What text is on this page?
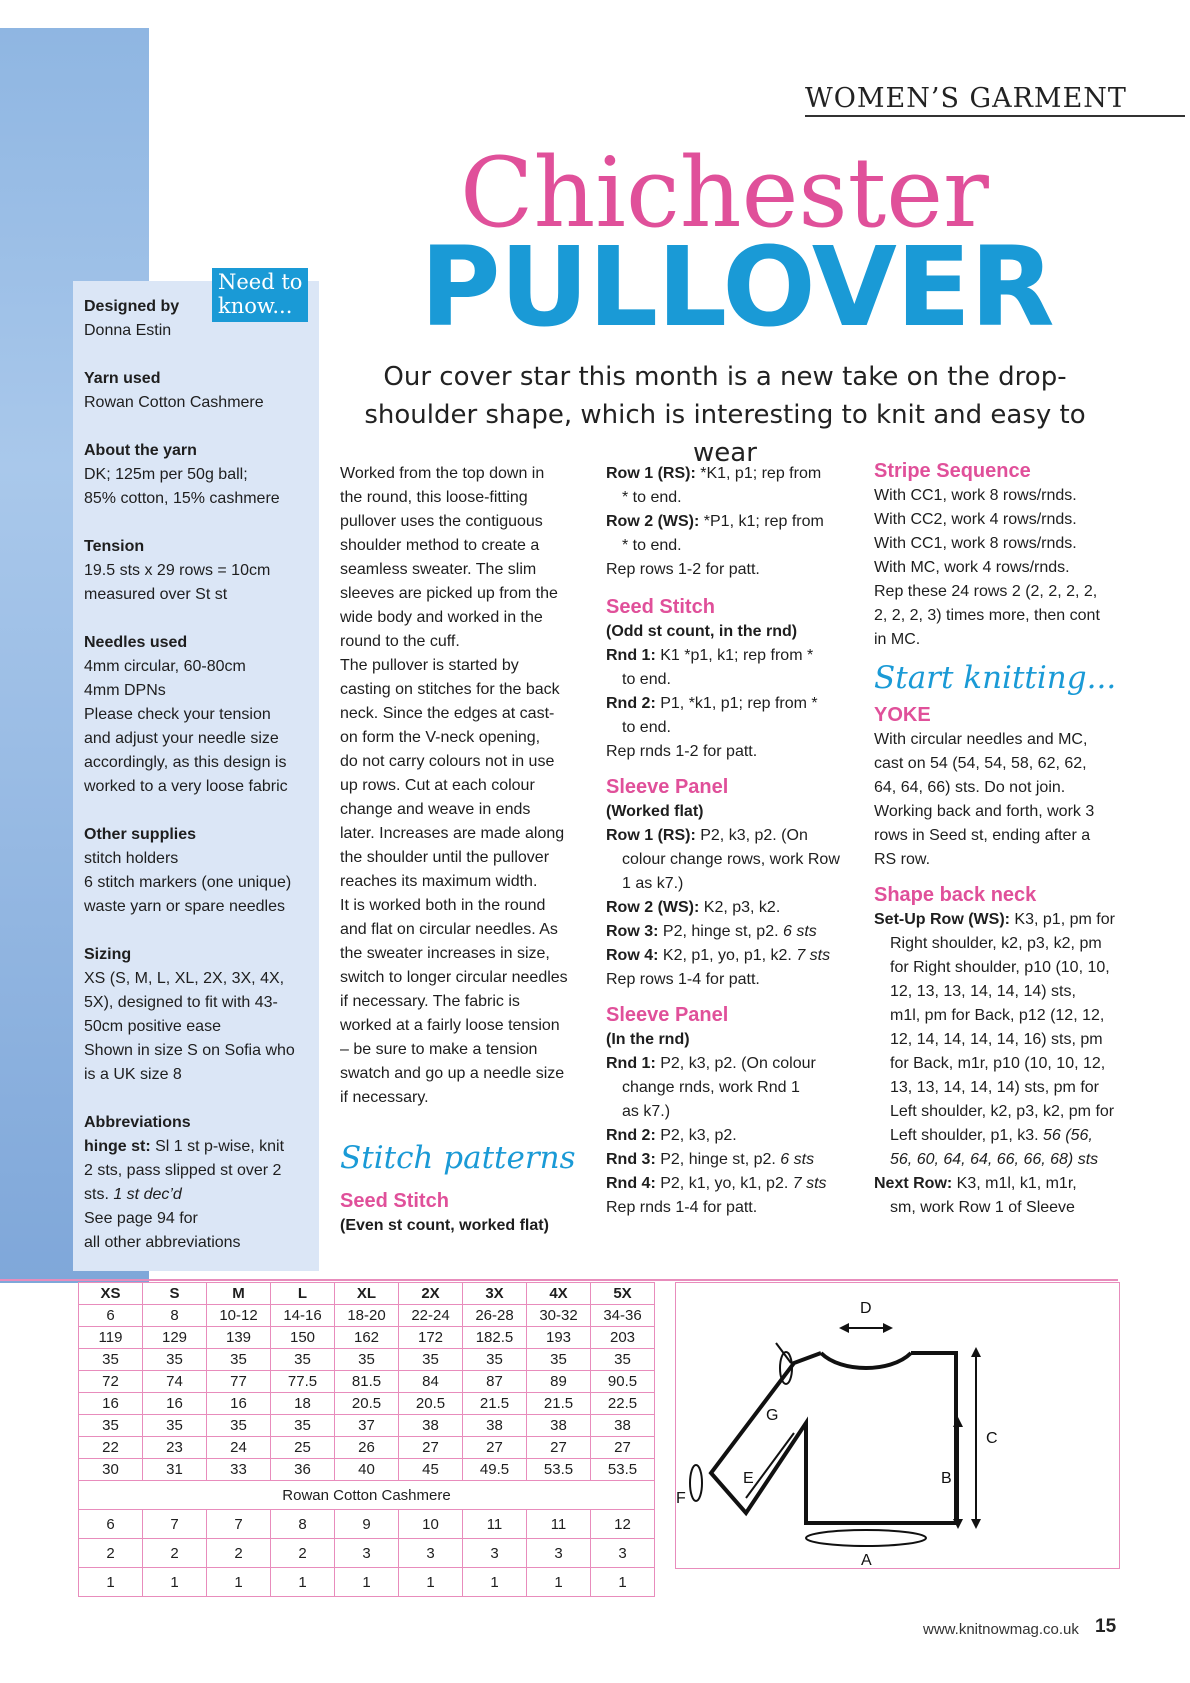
Designed by
Donna Estin
Yarn used
Rowan Cotton Cashmere
About the yarn
DK; 125m per 50g ball;
85% cotton, 15% cashmere
Tension
19.5 sts x 29 rows = 10cm
measured over St st
Needles used
4mm circular, 60-80cm
4mm DPNs
Please check your tension
and adjust your needle size
accordingly, as this design is
worked to a very loose fabric
Other supplies
stitch holders
6 stitch markers (one unique)
waste yarn or spare needles
Sizing
XS (S, M, L, XL, 2X, 3X, 4X,
5X), designed to fit with 43-
50cm positive ease
Shown in size S on Sofia who
is a UK size 8
Abbreviations
hinge st: Sl 1 st p-wise, knit
2 sts, pass slipped st over 2
sts. 1 st dec’d
See page 94 for
all other abbreviations
Need to
know...
WOMEN’S GARMENT
Chichester
PULLOVER
Our cover star this month is a new take on the drop-shoulder shape, which is interesting to knit and easy to wear

Worked from the top down in

the round, this loose-fitting

pullover uses the contiguous

shoulder method to create a

seamless sweater. The slim

sleeves are picked up from the

wide body and worked in the

round to the cuff.

The pullover is started by

casting on stitches for the back

neck. Since the edges at cast-

on form the V-neck opening,

do not carry colours not in use

up rows. Cut at each colour

change and weave in ends

later. Increases are made along

the shoulder until the pullover

reaches its maximum width.

It is worked both in the round

and flat on circular needles. As

the sweater increases in size,

switch to longer circular needles

if necessary. The fabric is

worked at a fairly loose tension

– be sure to make a tension

swatch and go up a needle size

if necessary.

Stitch patterns
Seed Stitch

(Even st count, worked flat)

Row 1 (RS): *K1, p1; rep from

* to end.

Row 2 (WS): *P1, k1; rep from

* to end.

Rep rows 1-2 for patt.

Seed Stitch

(Odd st count, in the rnd)

Rnd 1: K1 *p1, k1; rep from *

to end.

Rnd 2: P1, *k1, p1; rep from *

to end.

Rep rnds 1-2 for patt.

Sleeve Panel

(Worked flat)

Row 1 (RS): P2, k3, p2. (On

colour change rows, work Row

1 as k7.)

Row 2 (WS): K2, p3, k2.

Row 3: P2, hinge st, p2. 6 sts

Row 4: K2, p1, yo, p1, k2. 7 sts

Rep rows 1-4 for patt.

Sleeve Panel

(In the rnd)

Rnd 1: P2, k3, p2. (On colour

change rnds, work Rnd 1

as k7.)

Rnd 2: P2, k3, p2.

Rnd 3: P2, hinge st, p2. 6 sts

Rnd 4: P2, k1, yo, k1, p2. 7 sts

Rep rnds 1-4 for patt.

Stripe Sequence

With CC1, work 8 rows/rnds.

With CC2, work 4 rows/rnds.

With CC1, work 8 rows/rnds.

With MC, work 4 rows/rnds.

Rep these 24 rows 2 (2, 2, 2, 2,

2, 2, 2, 3) times more, then cont

in MC.

Start knitting...
YOKE

With circular needles and MC,

cast on 54 (54, 54, 58, 62, 62,

64, 64, 66) sts. Do not join.

Working back and forth, work 3

rows in Seed st, ending after a

RS row.

Shape back neck

Set-Up Row (WS): K3, p1, pm for

Right shoulder, k2, p3, k2, pm

for Right shoulder, p10 (10, 10,

12, 13, 13, 14, 14, 14) sts,

m1l, pm for Back, p12 (12, 12,

12, 14, 14, 14, 14, 16) sts, pm

for Back, m1r, p10 (10, 10, 12,

13, 13, 14, 14, 14) sts, pm for

Left shoulder, k2, p3, k2, pm for

Left shoulder, p1, k3. 56 (56,

56, 60, 64, 64, 66, 66, 68) sts

Next Row: K3, m1l, k1, m1r,

sm, work Row 1 of Sleeve

XS	S	M	L	XL	2X	3X	4X	5X
6	8	10-12	14-16	18-20	22-24	26-28	30-32	34-36
119	129	139	150	162	172	182.5	193	203
35	35	35	35	35	35	35	35	35
72	74	77	77.5	81.5	84	87	89	90.5
16	16	16	18	20.5	20.5	21.5	21.5	22.5
35	35	35	35	37	38	38	38	38
22	23	24	25	26	27	27	27	27
30	31	33	36	40	45	49.5	53.5	53.5
Rowan Cotton Cashmere								
6	7	7	8	9	10	11	11	12
2	2	2	2	3	3	3	3	3
1	1	1	1	1	1	1	1	1
D
A
C
B
E
F
G
www.knitnowmag.co.uk 15
